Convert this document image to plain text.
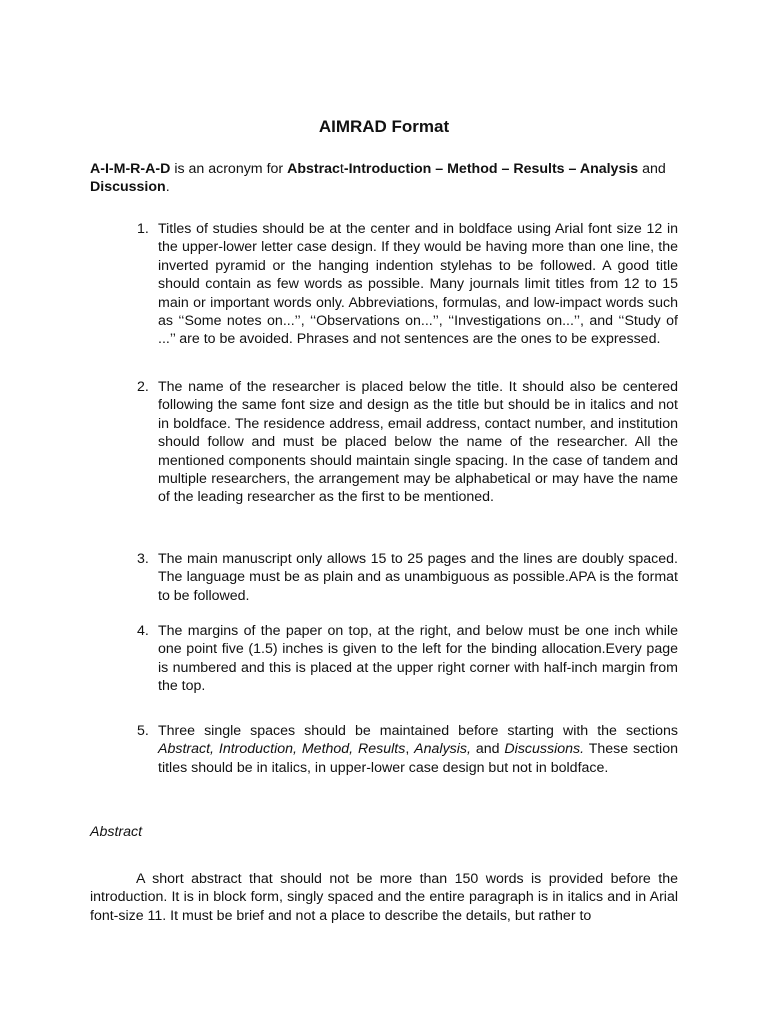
AIMRAD Format
A-I-M-R-A-D is an acronym for Abstract-Introduction – Method – Results – Analysis and Discussion.
1. Titles of studies should be at the center and in boldface using Arial font size 12 in the upper-lower letter case design. If they would be having more than one line, the inverted pyramid or the hanging indention stylehas to be followed. A good title should contain as few words as possible. Many journals limit titles from 12 to 15 main or important words only. Abbreviations, formulas, and low-impact words such as ‘‘Some notes on...’’, ‘‘Observations on...’’, ‘‘Investigations on...’’, and ‘‘Study of ...’’ are to be avoided. Phrases and not sentences are the ones to be expressed.
2. The name of the researcher is placed below the title. It should also be centered following the same font size and design as the title but should be in italics and not in boldface. The residence address, email address, contact number, and institution should follow and must be placed below the name of the researcher. All the mentioned components should maintain single spacing. In the case of tandem and multiple researchers, the arrangement may be alphabetical or may have the name of the leading researcher as the first to be mentioned.
3. The main manuscript only allows 15 to 25 pages and the lines are doubly spaced. The language must be as plain and as unambiguous as possible.APA is the format to be followed.
4. The margins of the paper on top, at the right, and below must be one inch while one point five (1.5) inches is given to the left for the binding allocation.Every page is numbered and this is placed at the upper right corner with half-inch margin from the top.
5. Three single spaces should be maintained before starting with the sections Abstract, Introduction, Method, Results, Analysis, and Discussions. These section titles should be in italics, in upper-lower case design but not in boldface.
Abstract
A short abstract that should not be more than 150 words is provided before the introduction. It is in block form, singly spaced and the entire paragraph is in italics and in Arial font-size 11. It must be brief and not a place to describe the details, but rather to
